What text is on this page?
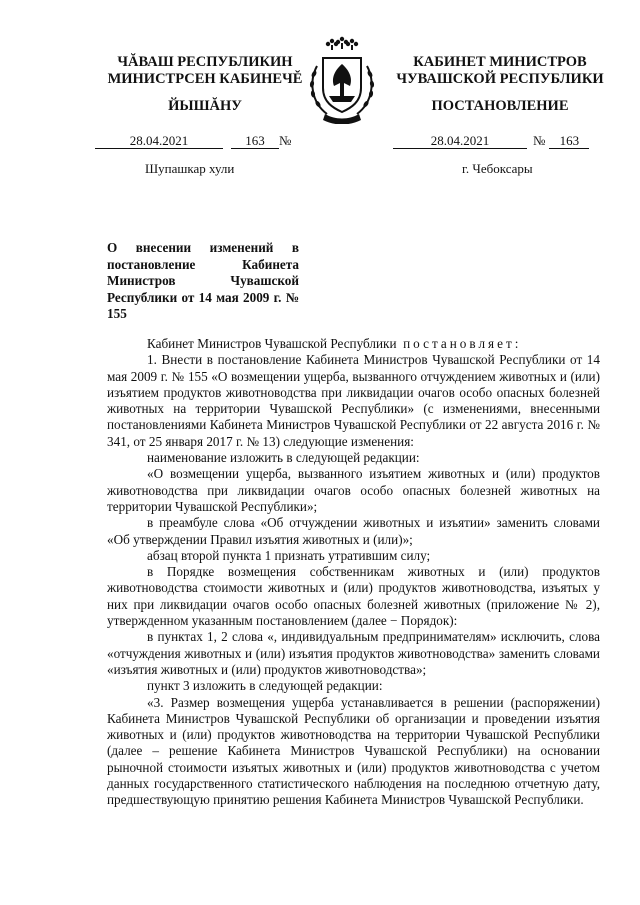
ЧĂВАШ РЕСПУБЛИКИН
МИНИСТРСЕН КАБИНЕЧĔ
ЙЫШĂНУ
КАБИНЕТ МИНИСТРОВ
ЧУВАШСКОЙ РЕСПУБЛИКИ
ПОСТАНОВЛЕНИЕ
28.04.2021	163 №	28.04.2021	№ 163
Шупашкар хули	г. Чебоксары
О внесении изменений в постановление Кабинета Министров Чувашской Республики от 14 мая 2009 г. № 155

Кабинет Министров Чувашской Республики постановляет:

1. Внести в постановление Кабинета Министров Чувашской Республики от 14 мая 2009 г. № 155 «О возмещении ущерба, вызванного отчуждением животных и (или) изъятием продуктов животноводства при ликвидации очагов особо опасных болезней животных на территории Чувашской Республики» (с изменениями, внесенными постановлениями Кабинета Министров Чувашской Республики от 22 августа 2016 г. № 341, от 25 января 2017 г. № 13) следующие изменения:

наименование изложить в следующей редакции:

«О возмещении ущерба, вызванного изъятием животных и (или) продуктов животноводства при ликвидации очагов особо опасных болезней животных на территории Чувашской Республики»;

в преамбуле слова «Об отчуждении животных и изъятии» заменить словами «Об утверждении Правил изъятия животных и (или)»;

абзац второй пункта 1 признать утратившим силу;

в Порядке возмещения собственникам животных и (или) продуктов животноводства стоимости животных и (или) продуктов животноводства, изъятых у них при ликвидации очагов особо опасных болезней животных (приложение № 2), утвержденном указанным постановлением (далее − Порядок):

в пунктах 1, 2 слова «, индивидуальным предпринимателям» исключить, слова «отчуждения животных и (или) изъятия продуктов животноводства» заменить словами «изъятия животных и (или) продуктов животноводства»;

пункт 3 изложить в следующей редакции:

«3. Размер возмещения ущерба устанавливается в решении (распоряжении) Кабинета Министров Чувашской Республики об организации и проведении изъятия животных и (или) продуктов животноводства на территории Чувашской Республики (далее – решение Кабинета Министров Чувашской Республики) на основании рыночной стоимости изъятых животных и (или) продуктов животноводства с учетом данных государственного статистического наблюдения на последнюю отчетную дату, предшествующую принятию решения Кабинета Министров Чувашской Республики.
